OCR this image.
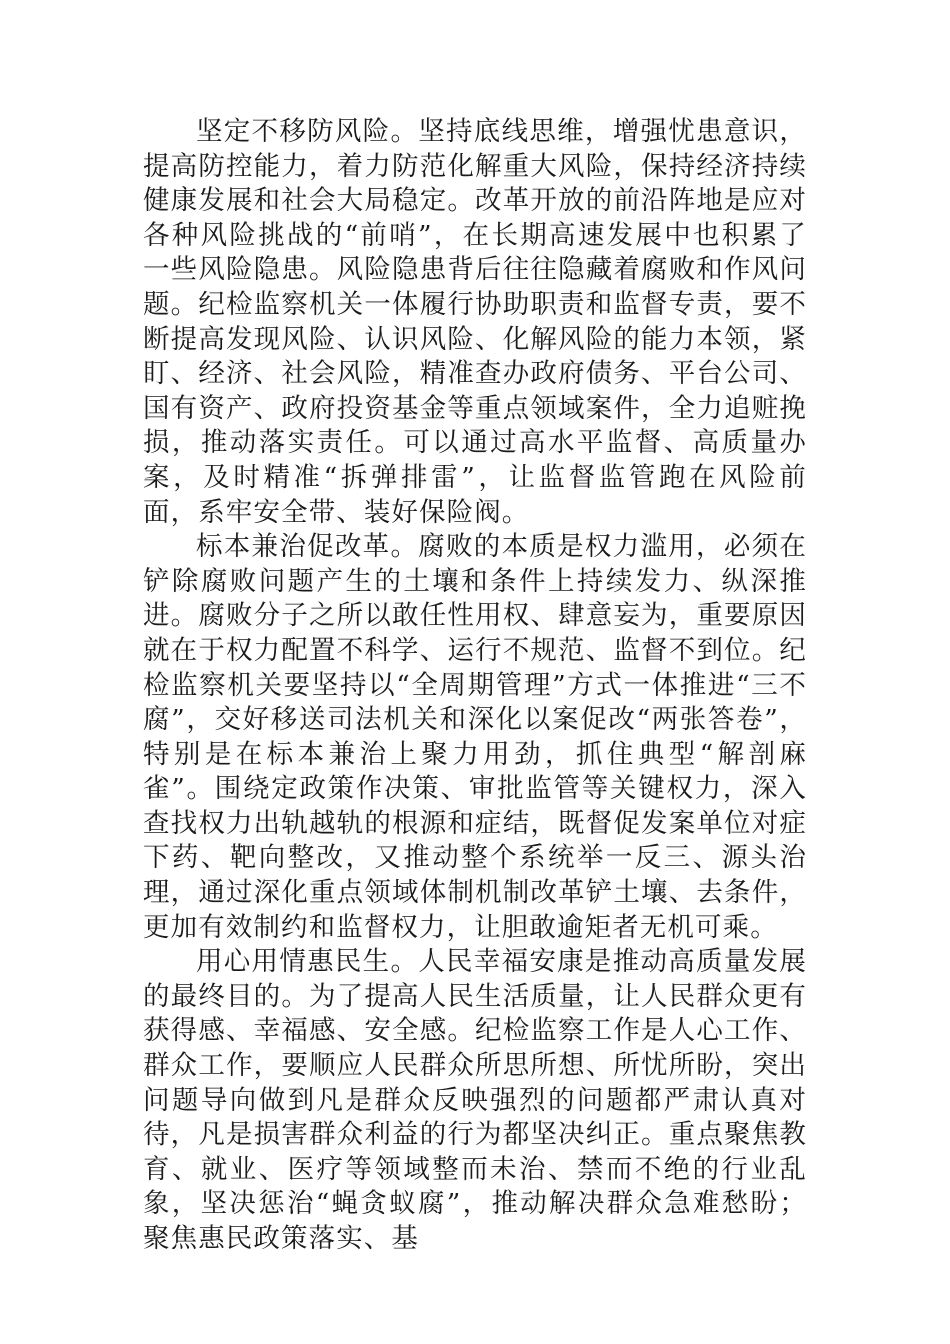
坚定不移防风险。坚持底线思维，增强忧患意识，提高防控能力，着力防范化解重大风险，保持经济持续健康发展和社会大局稳定。改革开放的前沿阵地是应对各种风险挑战的“前哨”，在长期高速发展中也积累了一些风险隐患。风险隐患背后往往隐藏着腐败和作风问题。纪检监察机关一体履行协助职责和监督专责，要不断提高发现风险、认识风险、化解风险的能力本领，紧盯、经济、社会风险，精准查办政府债务、平台公司、国有资产、政府投资基金等重点领域案件，全力追赃挽损，推动落实责任。可以通过高水平监督、高质量办案，及时精准“拆弹排雷”，让监督监管跑在风险前面，系牢安全带、装好保险阀。

标本兼治促改革。腐败的本质是权力滥用，必须在铲除腐败问题产生的土壤和条件上持续发力、纵深推进。腐败分子之所以敢任性用权、肆意妄为，重要原因就在于权力配置不科学、运行不规范、监督不到位。纪检监察机关要坚持以“全周期管理”方式一体推进“三不腐”，交好移送司法机关和深化以案促改“两张答卷”，特别是在标本兼治上聚力用劲，抓住典型“解剖麻雀”。围绕定政策作决策、审批监管等关键权力，深入查找权力出轨越轨的根源和症结，既督促发案单位对症下药、靶向整改，又推动整个系统举一反三、源头治理，通过深化重点领域体制机制改革铲土壤、去条件，更加有效制约和监督权力，让胆敢逾矩者无机可乘。

用心用情惠民生。人民幸福安康是推动高质量发展的最终目的。为了提高人民生活质量，让人民群众更有获得感、幸福感、安全感。纪检监察工作是人心工作、群众工作，要顺应人民群众所思所想、所忧所盼，突出问题导向做到凡是群众反映强烈的问题都严肃认真对待，凡是损害群众利益的行为都坚决纠正。重点聚焦教育、就业、医疗等领域整而未治、禁而不绝的行业乱象，坚决惩治“蝇贪蚁腐”，推动解决群众急难愁盼；聚焦惠民政策落实、基
